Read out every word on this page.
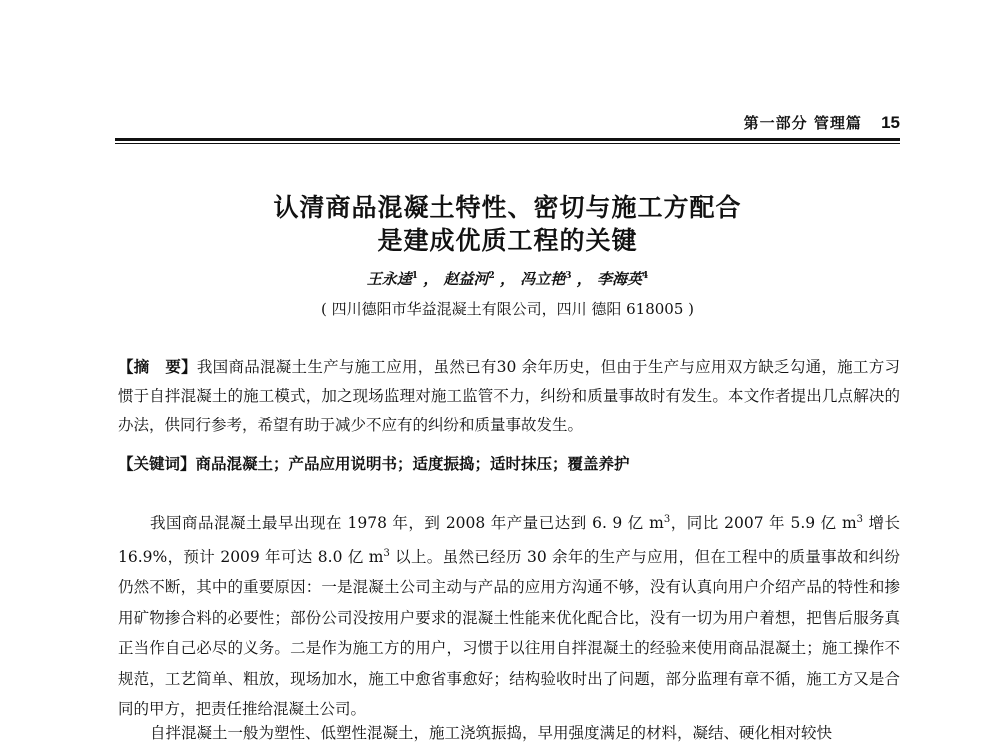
第一部分 管理篇 15
认清商品混凝土特性、密切与施工方配合
是建成优质工程的关键
王永逵$^1$ ， 赵益河$^2$ ， 冯立艳$^3$ ， 李海英$^4$
( 四川德阳市华益混凝土有限公司，四川 德阳 618005 )
【摘　要】我国商品混凝土生产与施工应用，虽然已有30 余年历史，但由于生产与应用双方缺乏勾通，施工方习惯于自拌混凝土的施工模式，加之现场监理对施工监管不力，纠纷和质量事故时有发生。本文作者提出几点解决的办法，供同行参考，希望有助于减少不应有的纠纷和质量事故发生。
【关键词】商品混凝土；产品应用说明书；适度振捣；适时抹压；覆盖养护
我国商品混凝土最早出现在 1978 年，到 2008 年产量已达到 6. 9 亿 $m^3$，同比 2007 年 5.9 亿 $m^3$ 增长 16.9%，预计 2009 年可达 8.0 亿 $m^3$ 以上。虽然已经历 30 余年的生产与应用，但在工程中的质量事故和纠纷仍然不断，其中的重要原因：一是混凝土公司主动与产品的应用方沟通不够，没有认真向用户介绍产品的特性和掺用矿物掺合料的必要性；部份公司没按用户要求的混凝土性能来优化配合比，没有一切为用户着想，把售后服务真正当作自己必尽的义务。二是作为施工方的用户，习惯于以往用自拌混凝土的经验来使用商品混凝土；施工操作不规范，工艺简单、粗放，现场加水，施工中愈省事愈好；结构验收时出了问题，部分监理有章不循，施工方又是合同的甲方，把责任推给混凝土公司。
自拌混凝土一般为塑性、低塑性混凝土，施工浇筑振捣，早用强度满足的材料，凝结、硬化相对较快
